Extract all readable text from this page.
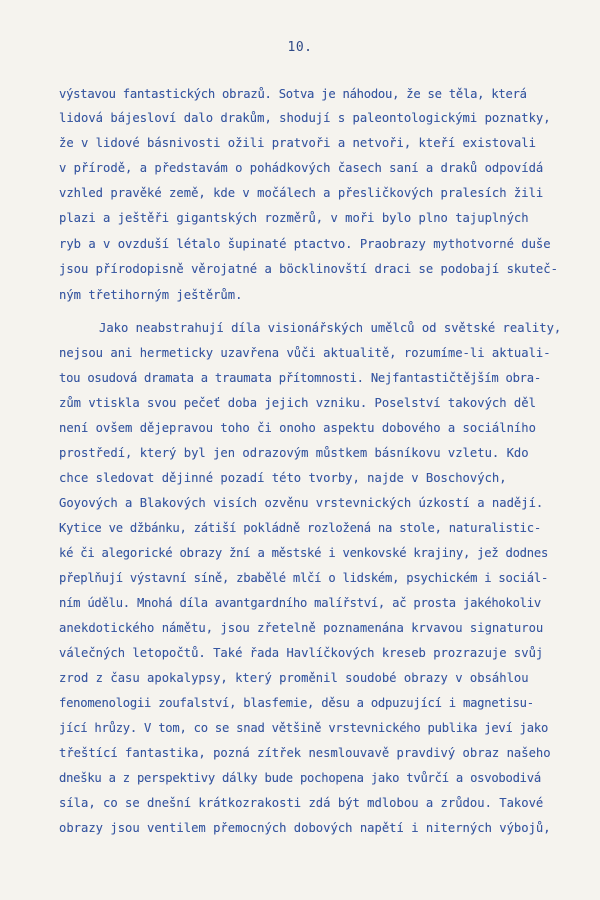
10.
výstavou fantastických obrazů. Sotva je náhodou, že se těla, která
lidová bájesloví dalo drakům, shodují s paleontologickými poznatky,
že v lidové básnivosti ožili pratvoři a netvoři, kteří existovali
v přírodě, a představám o pohádkových časech saní a draků odpovídá
vzhled pravěké země, kde v močálech a přesličkových pralesích žili
plazi a ještěři gigantských rozměrů, v moři bylo plno tajuplných
ryb a v ovzduší létalo šupinaté ptactvo. Praobrazy mythotvorné duše
jsou přírodopisně věrojatné a böcklinovští draci se podobají skuteč-
ným třetihorným ještěrům.
Jako neabstrahují díla visionářských umělců od světské reality,
nejsou ani hermeticky uzavřena vůči aktualitě, rozumíme-li aktuali-
tou osudová dramata a traumata přítomnosti. Nejfantastičtějším obra-
zům vtiskla svou pečeť doba jejich vzniku. Poselství takových děl
není ovšem dějepravou toho či onoho aspektu dobového a sociálního
prostředí, který byl jen odrazovým můstkem básníkovu vzletu. Kdo
chce sledovat dějinné pozadí této tvorby, najde v Boschových,
Goyových a Blakových visích ozvěnu vrstevnických úzkostí a nadějí.
Kytice ve džbánku, zátiší pokládně rozložená na stole, naturalistic-
ké či alegorické obrazy žní a městské i venkovské krajiny, jež dodnes
přeplňují výstavní síně, zbabělé mlčí o lidském, psychickém i sociál-
ním údělu. Mnohá díla avantgardního malířství, ač prosta jakéhokoliv
anekdotického námětu, jsou zřetelně poznamenána krvavou signaturou
válečných letopočtů. Také řada Havlíčkových kreseb prozrazuje svůj
zrod z času apokalypsy, který proměnil soudobé obrazy v obsáhlou
fenomenologii zoufalství, blasfemie, děsu a odpuzující i magnetisu-
jící hrůzy. V tom, co se snad většině vrstevnického publika jeví jako
třeštící fantastika, pozná zítřek nesmlouvavě pravdivý obraz našeho
dnešku a z perspektivy dálky bude pochopena jako tvůrčí a osvobodivá
síla, co se dnešní krátkozrakosti zdá být mdlobou a zrůdou. Takové
obrazy jsou ventilem přemocných dobových napětí i niterných výbojů,
